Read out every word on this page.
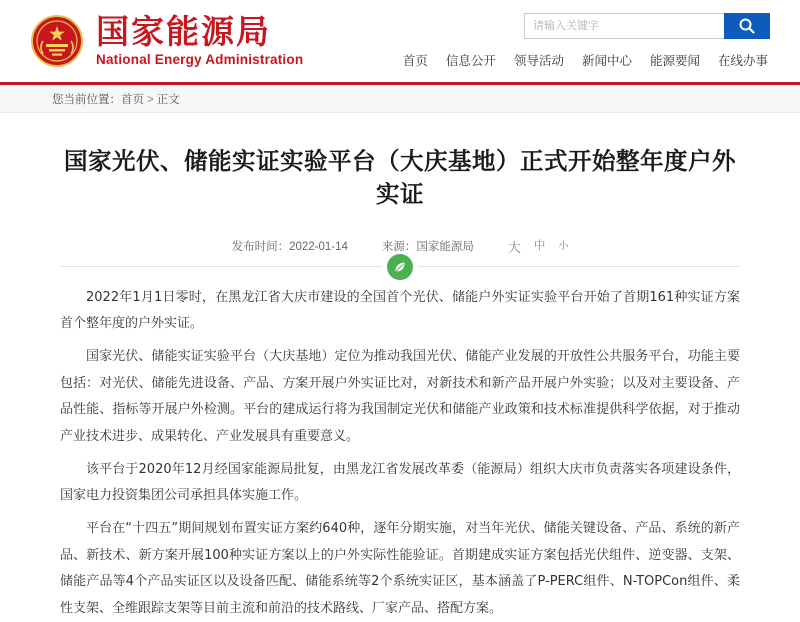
国家能源局
National Energy Administration
请输入关键字	首页 信息公开 领导活动 新闻中心 能源要闻 在线办事
您当前位置：首页 > 正文
国家光伏、储能实证实验平台（大庆基地）正式开始整年度户外实证
发布时间：2022-01-14	来源：国家能源局	大 中 小

2022年1月1日零时，在黑龙江省大庆市建设的全国首个光伏、储能户外实证实验平台开始了首期161种实证方案首个整年度的户外实证。

国家光伏、储能实证实验平台（大庆基地）定位为推动我国光伏、储能产业发展的开放性公共服务平台，功能主要包括：对光伏、储能先进设备、产品、方案开展户外实证比对，对新技术和新产品开展户外实验；以及对主要设备、产品性能、指标等开展户外检测。平台的建成运行将为我国制定光伏和储能产业政策和技术标准提供科学依据，对于推动产业技术进步、成果转化、产业发展具有重要意义。

该平台于2020年12月经国家能源局批复，由黑龙江省发展改革委（能源局）组织大庆市负责落实各项建设条件，国家电力投资集团公司承担具体实施工作。

平台在“十四五”期间规划布置实证方案约640种，逐年分期实施，对当年光伏、储能关键设备、产品、系统的新产品、新技术、新方案开展100种实证方案以上的户外实际性能验证。首期建成实证方案包括光伏组件、逆变器、支架、储能产品等4个产品实证区以及设备匹配、储能系统等2个系统实证区，基本涵盖了P-PERC组件、N-TOPCon组件、柔性支架、全维跟踪支架等目前主流和前沿的技术路线、厂家产品、搭配方案。
